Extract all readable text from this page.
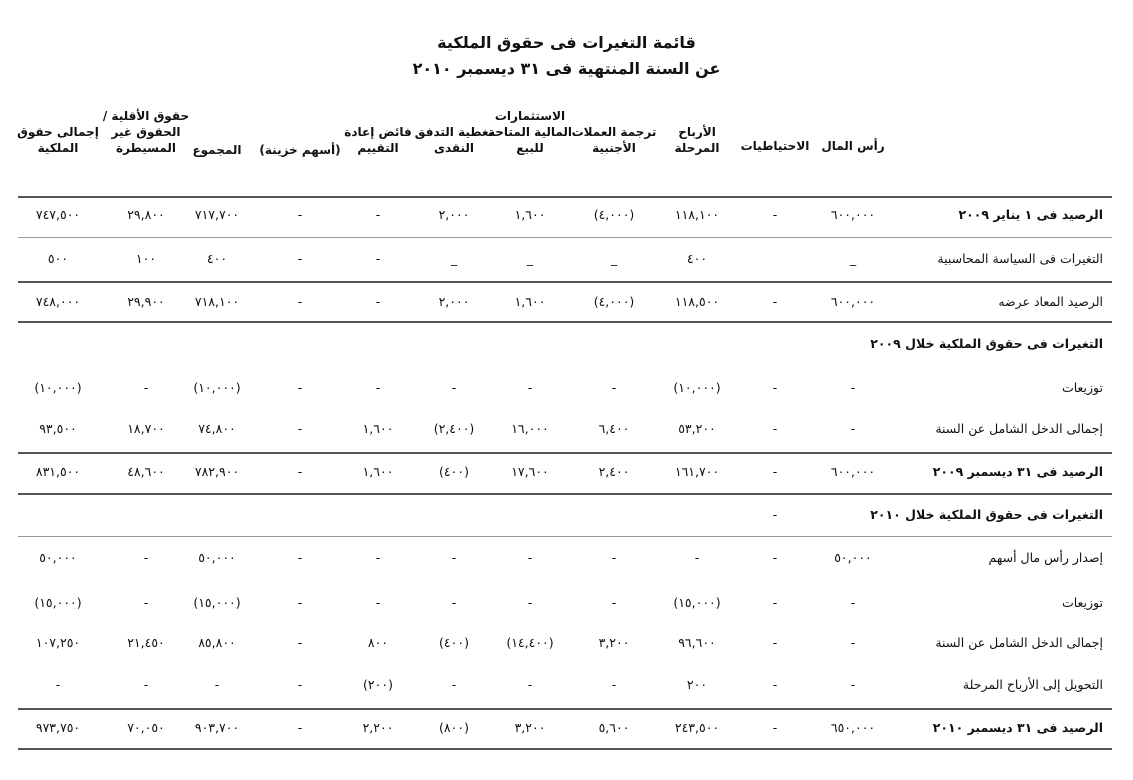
قائمة التغيرات فى حقوق الملكية
عن السنة المنتهية فى ٣١ ديسمبر ٢٠١٠
رأس المال
الاحتياطيات
الأرباح
المرحلة
ترجمة العملات
الأجنبية
الاستثمارات
المالية المتاحة
للبيع
تغطية التدفق
النقدى
فائض إعادة
التقييم
(أسهم خزينة)
المجموع
حقوق الأقلية /
الحقوق غير
المسيطرة
إجمالى حقوق
الملكية
الرصيد فى ١ يناير ٢٠٠٩
٦٠٠,٠٠٠
-
١١٨,١٠٠
(٤,٠٠٠)
١,٦٠٠
٢,٠٠٠
-
-
٧١٧,٧٠٠
٢٩,٨٠٠
٧٤٧,٥٠٠
التغيرات فى السياسة المحاسبية
_
٤٠٠
_
_
_
-
-
٤٠٠
١٠٠
٥٠٠
الرصيد المعاد عرضه
٦٠٠,٠٠٠
-
١١٨,٥٠٠
(٤,٠٠٠)
١,٦٠٠
٢,٠٠٠
-
-
٧١٨,١٠٠
٢٩,٩٠٠
٧٤٨,٠٠٠
التغيرات فى حقوق الملكية خلال ٢٠٠٩
توزيعات
-
-
(١٠,٠٠٠)
-
-
-
-
-
(١٠,٠٠٠)
-
(١٠,٠٠٠)
إجمالى الدخل الشامل عن السنة
-
-
٥٣,٢٠٠
٦,٤٠٠
١٦,٠٠٠
(٢,٤٠٠)
١,٦٠٠
-
٧٤,٨٠٠
١٨,٧٠٠
٩٣,٥٠٠
الرصيد فى ٣١ ديسمبر ٢٠٠٩
٦٠٠,٠٠٠
-
١٦١,٧٠٠
٢,٤٠٠
١٧,٦٠٠
(٤٠٠)
١,٦٠٠
-
٧٨٢,٩٠٠
٤٨,٦٠٠
٨٣١,٥٠٠
التغيرات فى حقوق الملكية خلال ٢٠١٠
-
إصدار رأس مال أسهم
٥٠,٠٠٠
-
-
-
-
-
-
-
٥٠,٠٠٠
-
٥٠,٠٠٠
توزيعات
-
-
(١٥,٠٠٠)
-
-
-
-
-
(١٥,٠٠٠)
-
(١٥,٠٠٠)
إجمالى الدخل الشامل عن السنة
-
-
٩٦,٦٠٠
٣,٢٠٠
(١٤,٤٠٠)
(٤٠٠)
٨٠٠
-
٨٥,٨٠٠
٢١,٤٥٠
١٠٧,٢٥٠
التحويل إلى الأرباح المرحلة
-
-
٢٠٠
-
-
-
(٢٠٠)
-
-
-
-
الرصيد فى ٣١ ديسمبر ٢٠١٠
٦٥٠,٠٠٠
-
٢٤٣,٥٠٠
٥,٦٠٠
٣,٢٠٠
(٨٠٠)
٢,٢٠٠
-
٩٠٣,٧٠٠
٧٠,٠٥٠
٩٧٣,٧٥٠
